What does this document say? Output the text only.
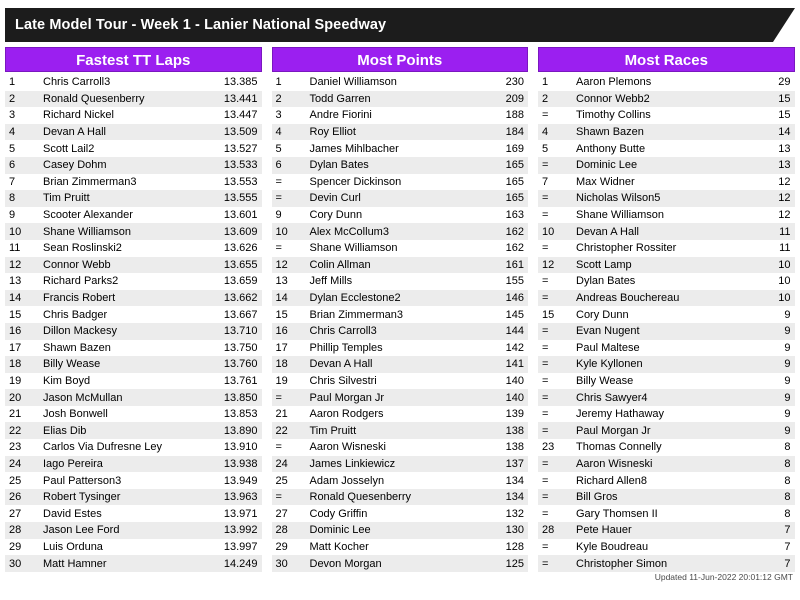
Late Model Tour - Week 1 - Lanier National Speedway
Fastest TT Laps
1	Chris Carroll3	13.385
2	Ronald Quesenberry	13.441
3	Richard Nickel	13.447
4	Devan A Hall	13.509
5	Scott Lail2	13.527
6	Casey Dohm	13.533
7	Brian Zimmerman3	13.553
8	Tim Pruitt	13.555
9	Scooter Alexander	13.601
10	Shane Williamson	13.609
11	Sean Roslinski2	13.626
12	Connor Webb	13.655
13	Richard Parks2	13.659
14	Francis Robert	13.662
15	Chris Badger	13.667
16	Dillon Mackesy	13.710
17	Shawn Bazen	13.750
18	Billy Wease	13.760
19	Kim Boyd	13.761
20	Jason McMullan	13.850
21	Josh Bonwell	13.853
22	Elias Dib	13.890
23	Carlos Via Dufresne Ley	13.910
24	Iago Pereira	13.938
25	Paul Patterson3	13.949
26	Robert Tysinger	13.963
27	David Estes	13.971
28	Jason Lee Ford	13.992
29	Luis Orduna	13.997
30	Matt Hamner	14.249
Most Points
1	Daniel Williamson	230
2	Todd Garren	209
3	Andre Fiorini	188
4	Roy Elliot	184
5	James Mihlbacher	169
6	Dylan Bates	165
=	Spencer Dickinson	165
=	Devin Curl	165
9	Cory Dunn	163
10	Alex McCollum3	162
=	Shane Williamson	162
12	Colin Allman	161
13	Jeff Mills	155
14	Dylan Ecclestone2	146
15	Brian Zimmerman3	145
16	Chris Carroll3	144
17	Phillip Temples	142
18	Devan A Hall	141
19	Chris Silvestri	140
=	Paul Morgan Jr	140
21	Aaron Rodgers	139
22	Tim Pruitt	138
=	Aaron Wisneski	138
24	James Linkiewicz	137
25	Adam Josselyn	134
=	Ronald Quesenberry	134
27	Cody Griffin	132
28	Dominic Lee	130
29	Matt Kocher	128
30	Devon Morgan	125
Most Races
1	Aaron Plemons	29
2	Connor Webb2	15
=	Timothy Collins	15
4	Shawn Bazen	14
5	Anthony Butte	13
=	Dominic Lee	13
7	Max Widner	12
=	Nicholas Wilson5	12
=	Shane Williamson	12
10	Devan A Hall	11
=	Christopher Rossiter	11
12	Scott Lamp	10
=	Dylan Bates	10
=	Andreas Bouchereau	10
15	Cory Dunn	9
=	Evan Nugent	9
=	Paul Maltese	9
=	Kyle Kyllonen	9
=	Billy Wease	9
=	Chris Sawyer4	9
=	Jeremy Hathaway	9
=	Paul Morgan Jr	9
23	Thomas Connelly	8
=	Aaron Wisneski	8
=	Richard Allen8	8
=	Bill Gros	8
=	Gary Thomsen II	8
28	Pete Hauer	7
=	Kyle Boudreau	7
=	Christopher Simon	7
Updated 11-Jun-2022 20:01:12 GMT
